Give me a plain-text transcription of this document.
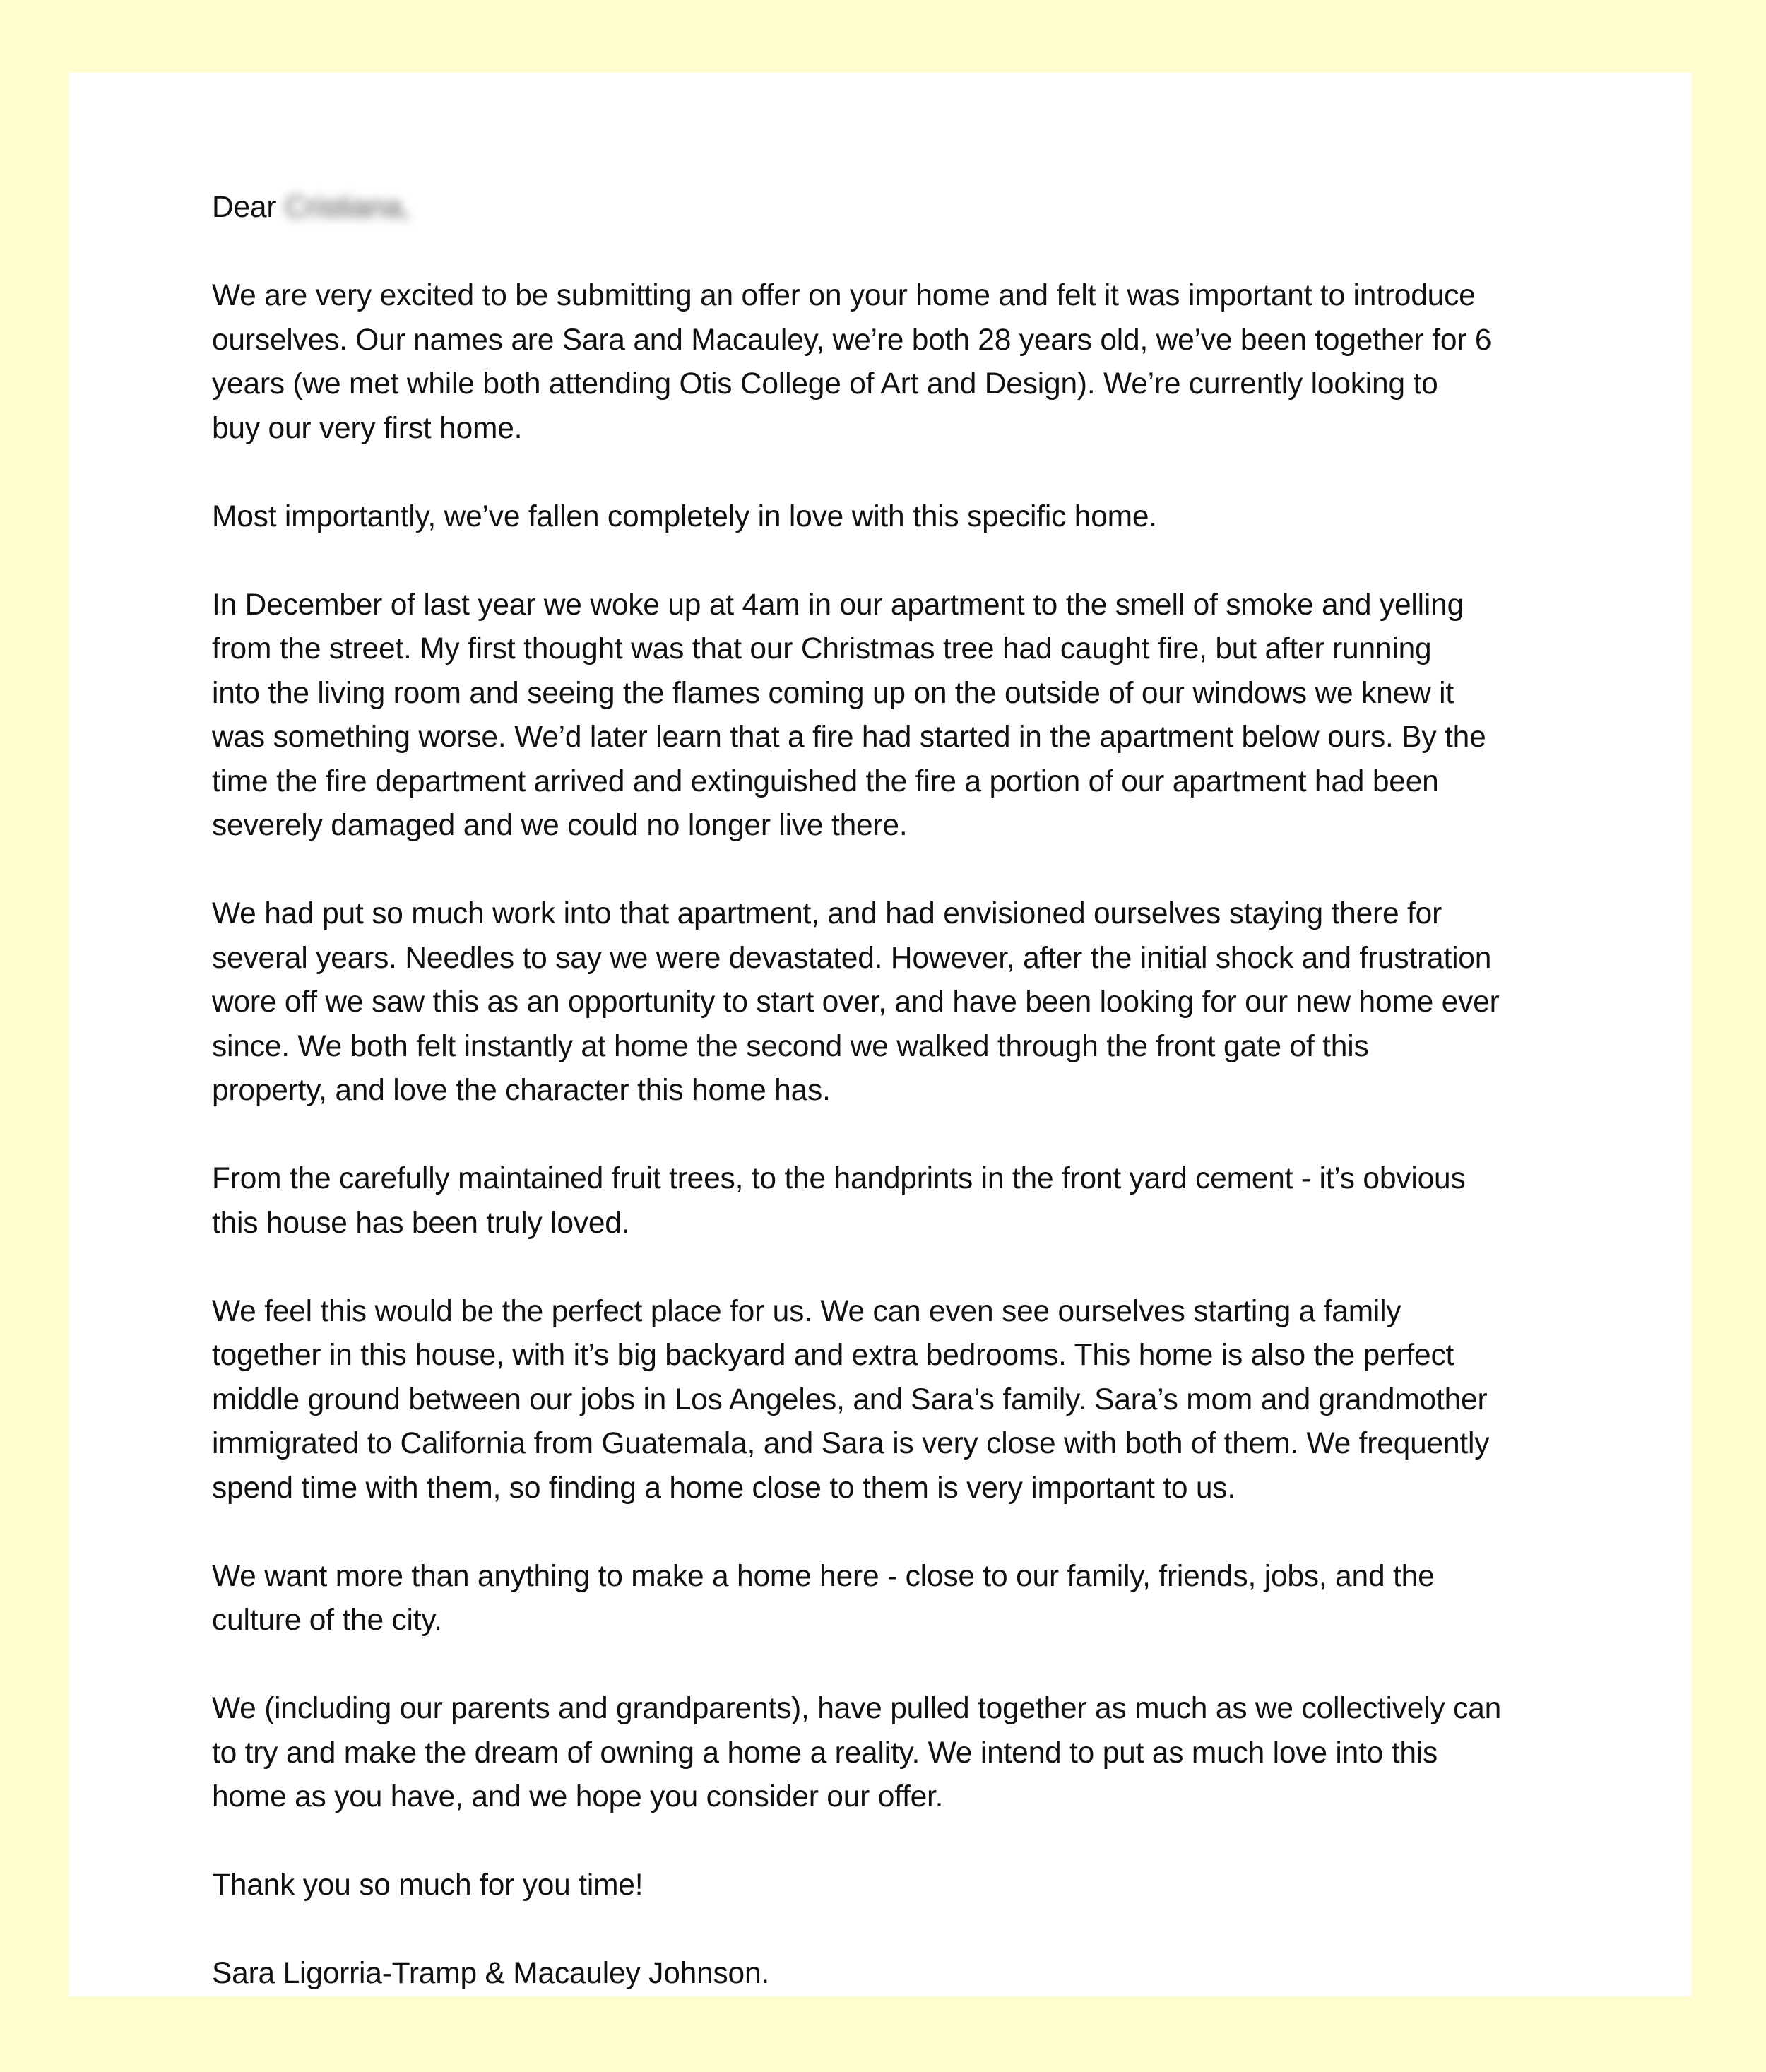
Dear Cristiana,
We are very excited to be submitting an offer on your home and felt it was important to introduce
ourselves. Our names are Sara and Macauley, we’re both 28 years old, we’ve been together for 6
years (we met while both attending Otis College of Art and Design). We’re currently looking to
buy our very first home.
Most importantly, we’ve fallen completely in love with this specific home.
In December of last year we woke up at 4am in our apartment to the smell of smoke and yelling
from the street. My first thought was that our Christmas tree had caught fire, but after running
into the living room and seeing the flames coming up on the outside of our windows we knew it
was something worse. We’d later learn that a fire had started in the apartment below ours. By the
time the fire department arrived and extinguished the fire a portion of our apartment had been
severely damaged and we could no longer live there.
We had put so much work into that apartment, and had envisioned ourselves staying there for
several years. Needles to say we were devastated. However, after the initial shock and frustration
wore off we saw this as an opportunity to start over, and have been looking for our new home ever
since. We both felt instantly at home the second we walked through the front gate of this
property, and love the character this home has.
From the carefully maintained fruit trees, to the handprints in the front yard cement - it’s obvious
this house has been truly loved.
We feel this would be the perfect place for us. We can even see ourselves starting a family
together in this house, with it’s big backyard and extra bedrooms. This home is also the perfect
middle ground between our jobs in Los Angeles, and Sara’s family. Sara’s mom and grandmother
immigrated to California from Guatemala, and Sara is very close with both of them. We frequently
spend time with them, so finding a home close to them is very important to us.
We want more than anything to make a home here - close to our family, friends, jobs, and the
culture of the city.
We (including our parents and grandparents), have pulled together as much as we collectively can
to try and make the dream of owning a home a reality. We intend to put as much love into this
home as you have, and we hope you consider our offer.
Thank you so much for you time!
Sara Ligorria-Tramp & Macauley Johnson.
